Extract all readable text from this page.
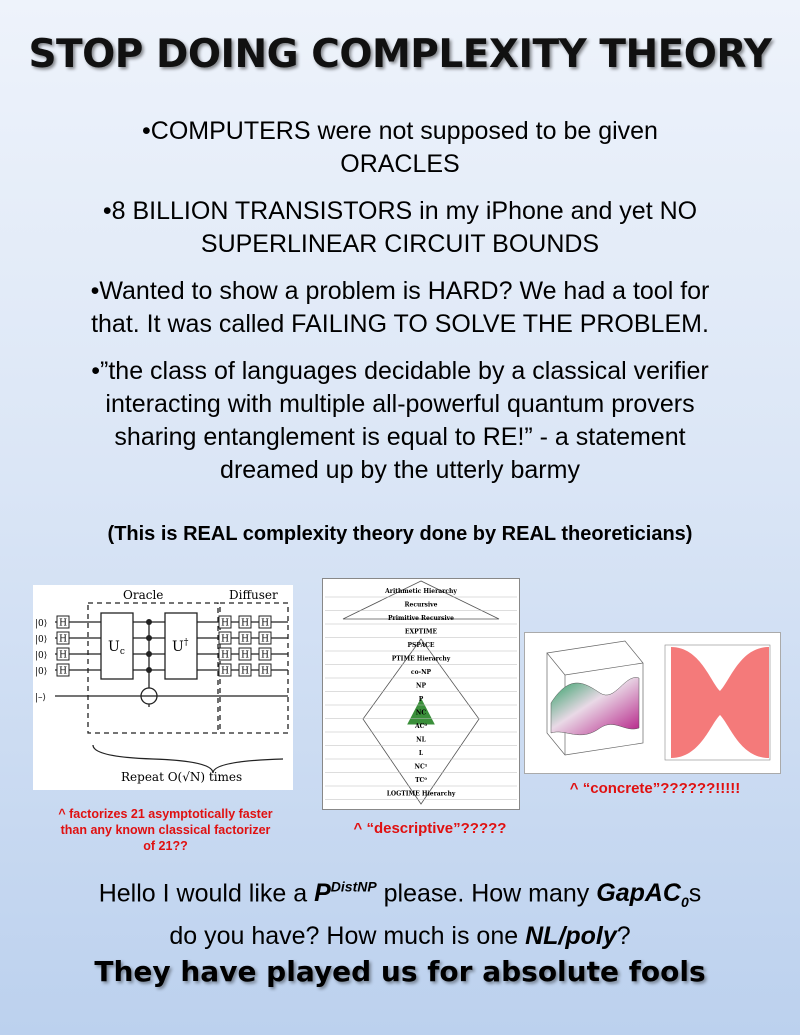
STOP DOING COMPLEXITY THEORY
•COMPUTERS were not supposed to be given
ORACLES
•8 BILLION TRANSISTORS in my iPhone and yet NO
SUPERLINEAR CIRCUIT BOUNDS
•Wanted to show a problem is HARD? We had a tool for
that. It was called FAILING TO SOLVE THE PROBLEM.
•”the class of languages decidable by a classical verifier
interacting with multiple all-powerful quantum provers
sharing entanglement is equal to RE!” - a statement
dreamed up by the utterly barmy
(This is REAL complexity theory done by REAL theoreticians)
H
H
H
H
H
H
H
H
H
H
H
H
H
H
H
H
Oracle	Diffuser
$U_c$	U†
|0⟩
|0⟩
|0⟩
|0⟩
|–⟩
Repeat O(√N) times
Arithmetic Hierarchy
Recursive
Primitive Recursive
EXPTIME
PSPACE
PTIME Hierarchy
co-NP
NP
P
NC
AC⁰
NL
L
NC¹
TC⁰
LOGTIME Hierarchy
^ factorizes 21 asymptotically faster than any known classical factorizer of 21??
^ “descriptive”?????
^ “concrete”??????!!!!!
Hello I would like a $P^{DistNP}$ please. How many GapAC$_0$s
do you have? How much is one NL/poly?
They have played us for absolute fools
